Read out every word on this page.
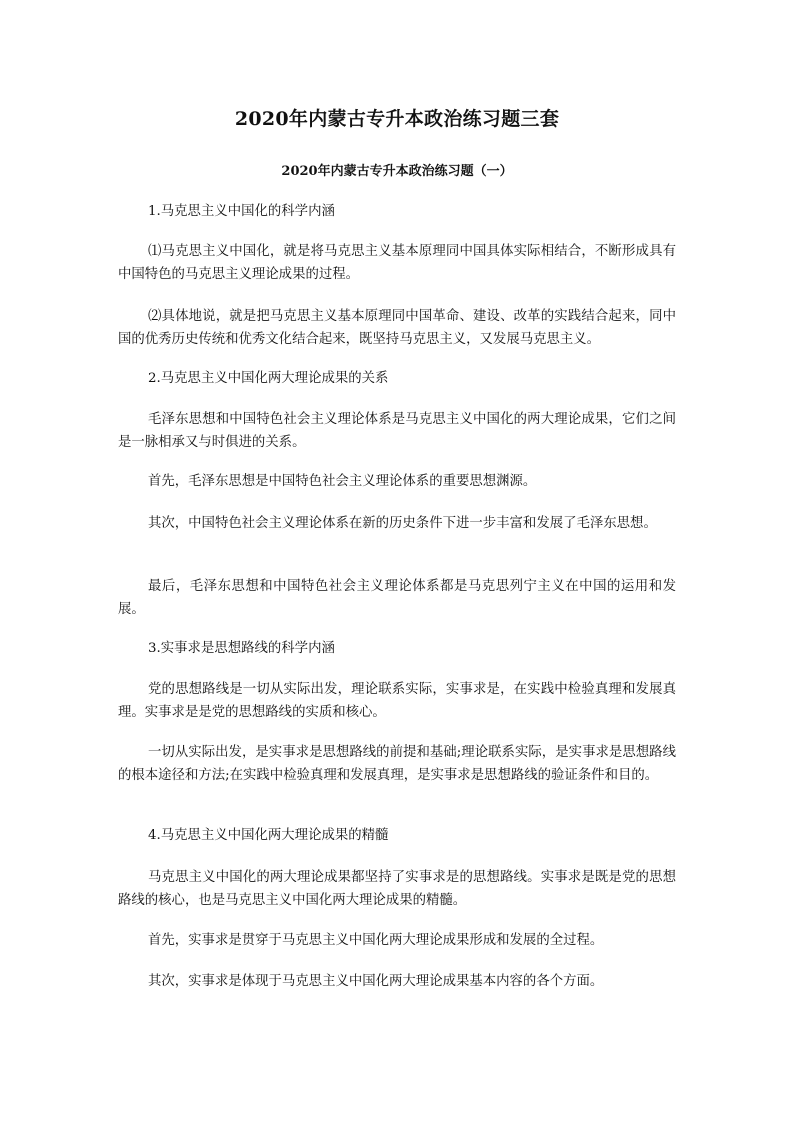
2020年内蒙古专升本政治练习题三套
2020年内蒙古专升本政治练习题（一）

1.马克思主义中国化的科学内涵

⑴马克思主义中国化，就是将马克思主义基本原理同中国具体实际相结合，不断形成具有中国特色的马克思主义理论成果的过程。

⑵具体地说，就是把马克思主义基本原理同中国革命、建设、改革的实践结合起来，同中国的优秀历史传统和优秀文化结合起来，既坚持马克思主义，又发展马克思主义。

2.马克思主义中国化两大理论成果的关系

毛泽东思想和中国特色社会主义理论体系是马克思主义中国化的两大理论成果，它们之间是一脉相承又与时俱进的关系。

首先，毛泽东思想是中国特色社会主义理论体系的重要思想渊源。

其次，中国特色社会主义理论体系在新的历史条件下进一步丰富和发展了毛泽东思想。

最后，毛泽东思想和中国特色社会主义理论体系都是马克思列宁主义在中国的运用和发展。

3.实事求是思想路线的科学内涵

党的思想路线是一切从实际出发，理论联系实际，实事求是，在实践中检验真理和发展真理。实事求是是党的思想路线的实质和核心。

一切从实际出发，是实事求是思想路线的前提和基础;理论联系实际，是实事求是思想路线的根本途径和方法;在实践中检验真理和发展真理，是实事求是思想路线的验证条件和目的。

4.马克思主义中国化两大理论成果的精髓

马克思主义中国化的两大理论成果都坚持了实事求是的思想路线。实事求是既是党的思想路线的核心，也是马克思主义中国化两大理论成果的精髓。

首先，实事求是贯穿于马克思主义中国化两大理论成果形成和发展的全过程。

其次，实事求是体现于马克思主义中国化两大理论成果基本内容的各个方面。
